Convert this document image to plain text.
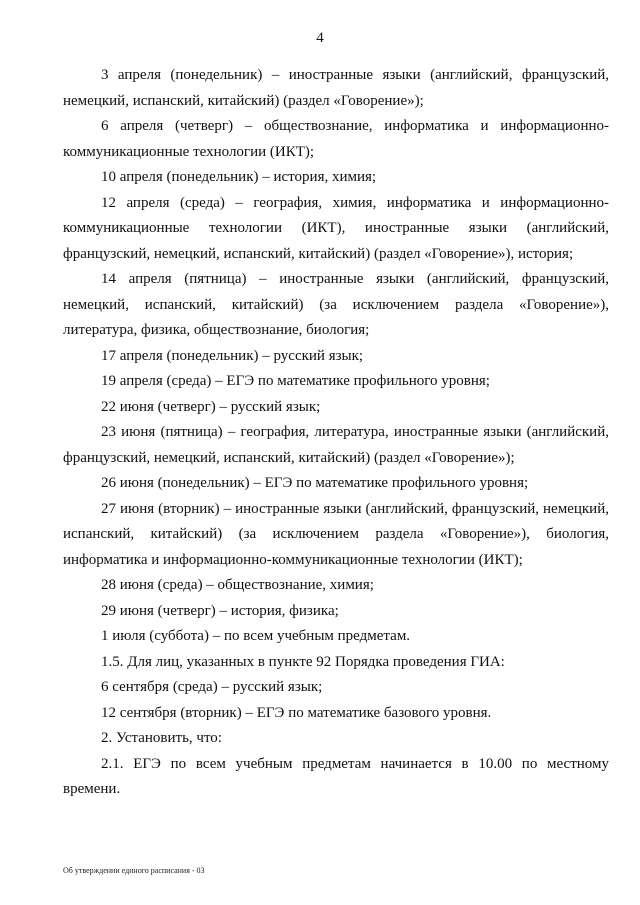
4

3 апреля (понедельник) – иностранные языки (английский, французский, немецкий, испанский, китайский) (раздел «Говорение»);

6 апреля (четверг) – обществознание, информатика и информационно-коммуникационные технологии (ИКТ);

10 апреля (понедельник) – история, химия;

12 апреля (среда) – география, химия, информатика и информационно-коммуникационные технологии (ИКТ), иностранные языки (английский, французский, немецкий, испанский, китайский) (раздел «Говорение»), история;

14 апреля (пятница) – иностранные языки (английский, французский, немецкий, испанский, китайский) (за исключением раздела «Говорение»), литература, физика, обществознание, биология;

17 апреля (понедельник) – русский язык;

19 апреля (среда) – ЕГЭ по математике профильного уровня;

22 июня (четверг) – русский язык;

23 июня (пятница) – география, литература, иностранные языки (английский, французский, немецкий, испанский, китайский) (раздел «Говорение»);

26 июня (понедельник) – ЕГЭ по математике профильного уровня;

27 июня (вторник) – иностранные языки (английский, французский, немецкий, испанский, китайский) (за исключением раздела «Говорение»), биология, информатика и информационно-коммуникационные технологии (ИКТ);

28 июня (среда) – обществознание, химия;

29 июня (четверг) – история, физика;

1 июля (суббота) – по всем учебным предметам.

1.5. Для лиц, указанных в пункте 92 Порядка проведения ГИА:

6 сентября (среда) – русский язык;

12 сентября (вторник) – ЕГЭ по математике базового уровня.

2. Установить, что:

2.1. ЕГЭ по всем учебным предметам начинается в 10.00 по местному времени.

Об утверждении единого расписания - 03
